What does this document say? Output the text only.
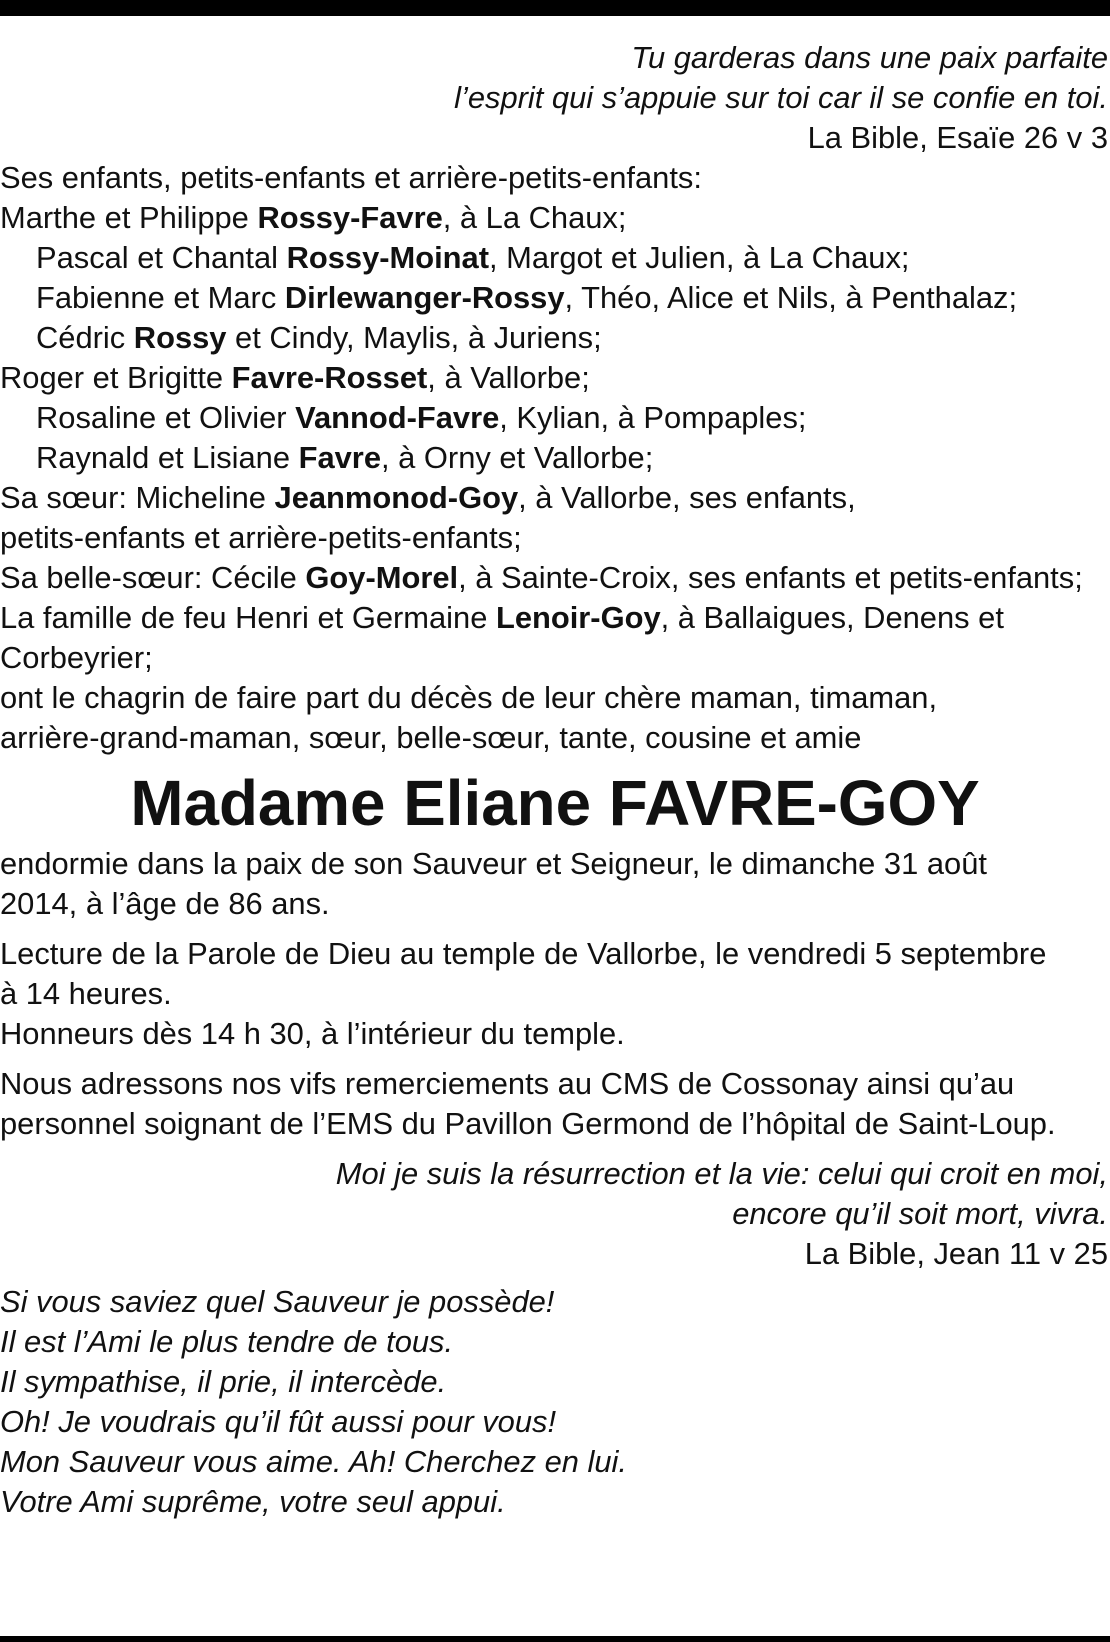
Tu garderas dans une paix parfaite
l’esprit qui s’appuie sur toi car il se confie en toi.
La Bible, Esaïe 26 v 3
Ses enfants, petits-enfants et arrière-petits-enfants:
Marthe et Philippe Rossy-Favre, à La Chaux;
Pascal et Chantal Rossy-Moinat, Margot et Julien, à La Chaux;
Fabienne et Marc Dirlewanger-Rossy, Théo, Alice et Nils, à Penthalaz;
Cédric Rossy et Cindy, Maylis, à Juriens;
Roger et Brigitte Favre-Rosset, à Vallorbe;
Rosaline et Olivier Vannod-Favre, Kylian, à Pompaples;
Raynald et Lisiane Favre, à Orny et Vallorbe;
Sa sœur: Micheline Jeanmonod-Goy, à Vallorbe, ses enfants,
petits-enfants et arrière-petits-enfants;
Sa belle-sœur: Cécile Goy-Morel, à Sainte-Croix, ses enfants et petits-enfants;
La famille de feu Henri et Germaine Lenoir-Goy, à Ballaigues, Denens et
Corbeyrier;
ont le chagrin de faire part du décès de leur chère maman, timaman,
arrière-grand-maman, sœur, belle-sœur, tante, cousine et amie
Madame Eliane FAVRE-GOY
endormie dans la paix de son Sauveur et Seigneur, le dimanche 31 août
2014, à l’âge de 86 ans.
Lecture de la Parole de Dieu au temple de Vallorbe, le vendredi 5 septembre
à 14 heures.
Honneurs dès 14 h 30, à l’intérieur du temple.
Nous adressons nos vifs remerciements au CMS de Cossonay ainsi qu’au
personnel soignant de l’EMS du Pavillon Germond de l’hôpital de Saint-Loup.
Moi je suis la résurrection et la vie: celui qui croit en moi,
encore qu’il soit mort, vivra.
La Bible, Jean 11 v 25
Si vous saviez quel Sauveur je possède!
Il est l’Ami le plus tendre de tous.
Il sympathise, il prie, il intercède.
Oh! Je voudrais qu’il fût aussi pour vous!
Mon Sauveur vous aime. Ah! Cherchez en lui.
Votre Ami suprême, votre seul appui.
